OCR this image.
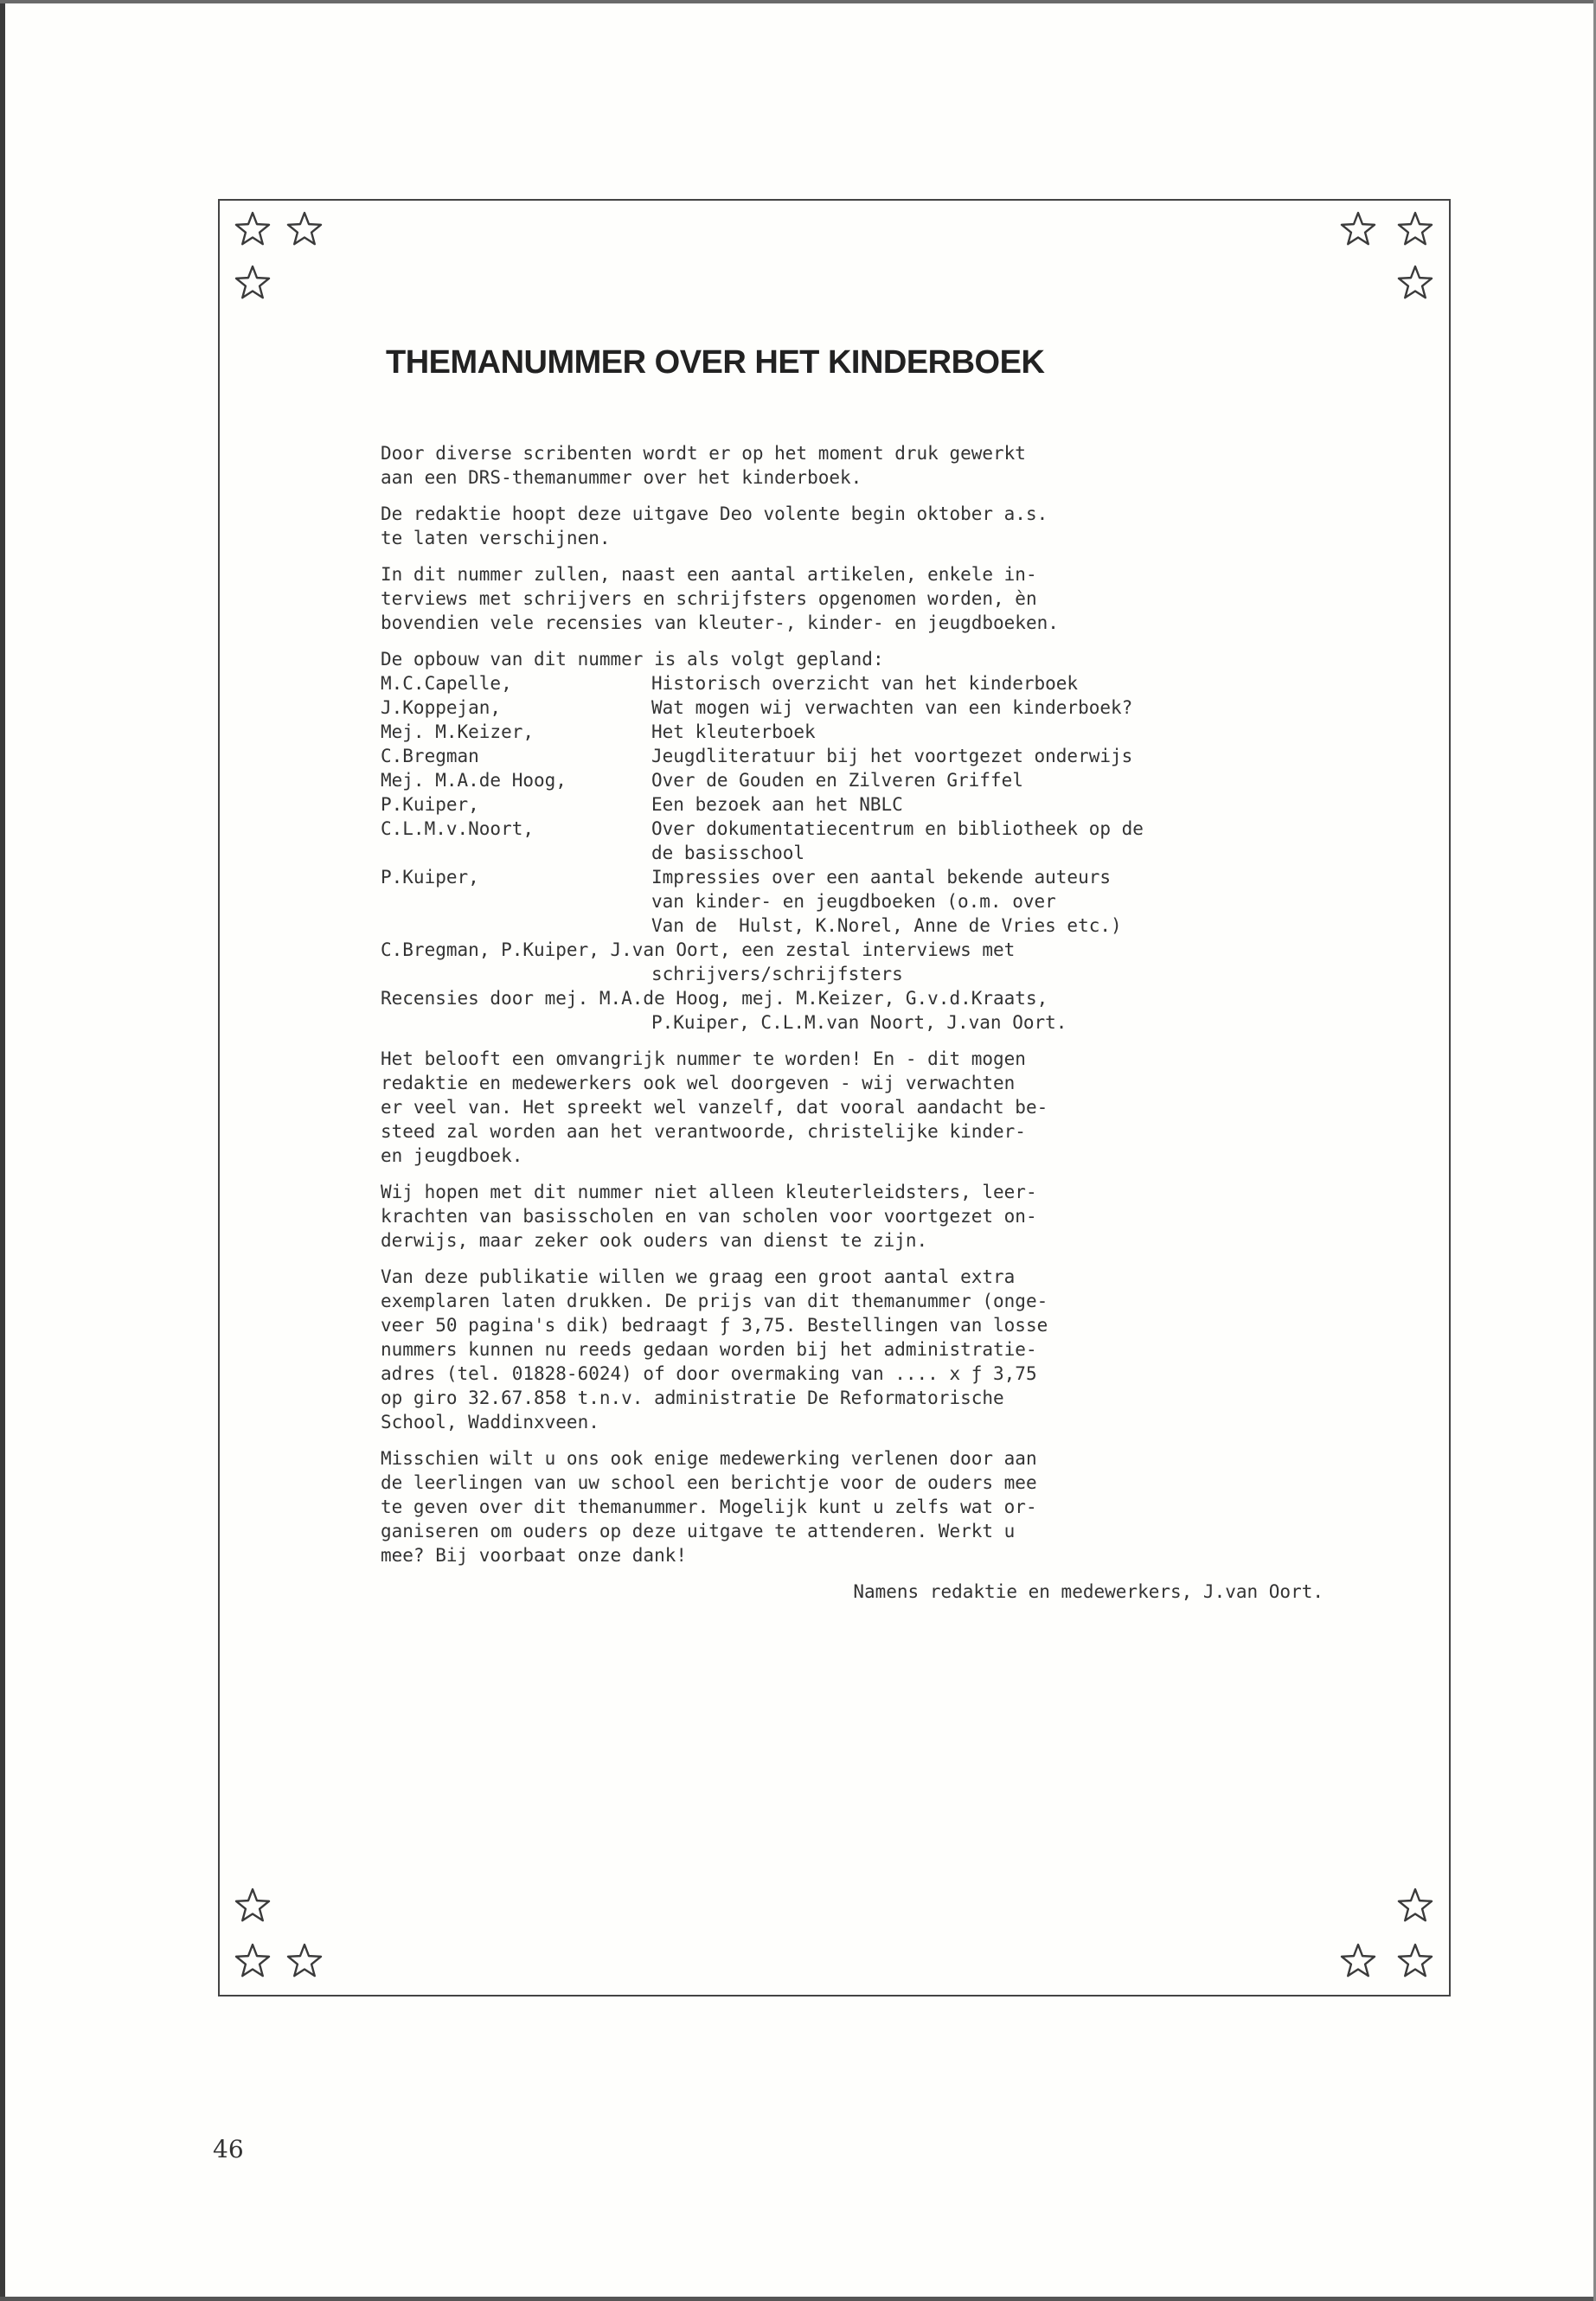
THEMANUMMER OVER HET KINDERBOEK

Door diverse scribenten wordt er op het moment druk gewerkt
aan een DRS-themanummer over het kinderboek.

De redaktie hoopt deze uitgave Deo volente begin oktober a.s.
te laten verschijnen.

In dit nummer zullen, naast een aantal artikelen, enkele in-
terviews met schrijvers en schrijfsters opgenomen worden, èn
bovendien vele recensies van kleuter-, kinder- en jeugdboeken.

De opbouw van dit nummer is als volgt gepland:
M.C.Capelle,	Historisch overzicht van het kinderboek
J.Koppejan,	Wat mogen wij verwachten van een kinderboek?
Mej. M.Keizer,	Het kleuterboek
C.Bregman	Jeugdliteratuur bij het voortgezet onderwijs
Mej. M.A.de Hoog,	Over de Gouden en Zilveren Griffel
P.Kuiper,	Een bezoek aan het NBLC
C.L.M.v.Noort,	Over dokumentatiecentrum en bibliotheek op de
de basisschool
P.Kuiper,	Impressies over een aantal bekende auteurs
van kinder- en jeugdboeken (o.m. over
Van de  Hulst, K.Norel, Anne de Vries etc.)
C.Bregman, P.Kuiper, J.van Oort, een zestal interviews met
schrijvers/schrijfsters
Recensies door mej. M.A.de Hoog, mej. M.Keizer, G.v.d.Kraats,
P.Kuiper, C.L.M.van Noort, J.van Oort.

Het belooft een omvangrijk nummer te worden! En - dit mogen
redaktie en medewerkers ook wel doorgeven - wij verwachten
er veel van. Het spreekt wel vanzelf, dat vooral aandacht be-
steed zal worden aan het verantwoorde, christelijke kinder-
en jeugdboek.

Wij hopen met dit nummer niet alleen kleuterleidsters, leer-
krachten van basisscholen en van scholen voor voortgezet on-
derwijs, maar zeker ook ouders van dienst te zijn.

Van deze publikatie willen we graag een groot aantal extra
exemplaren laten drukken. De prijs van dit themanummer (onge-
veer 50 pagina's dik) bedraagt ƒ 3,75. Bestellingen van losse
nummers kunnen nu reeds gedaan worden bij het administratie-
adres (tel. 01828-6024) of door overmaking van .... x ƒ 3,75
op giro 32.67.858 t.n.v. administratie De Reformatorische
School, Waddinxveen.

Misschien wilt u ons ook enige medewerking verlenen door aan
de leerlingen van uw school een berichtje voor de ouders mee
te geven over dit themanummer. Mogelijk kunt u zelfs wat or-
ganiseren om ouders op deze uitgave te attenderen. Werkt u
mee? Bij voorbaat onze dank!

Namens redaktie en medewerkers, J.van Oort.
46
